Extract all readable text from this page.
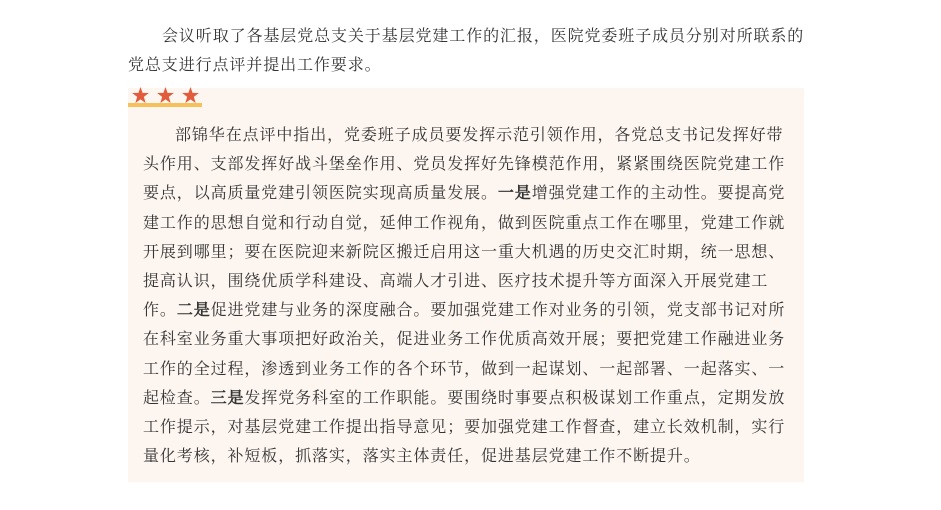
会议听取了各基层党总支关于基层党建工作的汇报，医院党委班子成员分别对所联系的党总支进行点评并提出工作要求。

部锦华在点评中指出，党委班子成员要发挥示范引领作用，各党总支书记发挥好带头作用、支部发挥好战斗堡垒作用、党员发挥好先锋模范作用，紧紧围绕医院党建工作要点，以高质量党建引领医院实现高质量发展。一是增强党建工作的主动性。要提高党建工作的思想自觉和行动自觉，延伸工作视角，做到医院重点工作在哪里，党建工作就开展到哪里；要在医院迎来新院区搬迁启用这一重大机遇的历史交汇时期，统一思想、提高认识，围绕优质学科建设、高端人才引进、医疗技术提升等方面深入开展党建工作。二是促进党建与业务的深度融合。要加强党建工作对业务的引领，党支部书记对所在科室业务重大事项把好政治关，促进业务工作优质高效开展；要把党建工作融进业务工作的全过程，渗透到业务工作的各个环节，做到一起谋划、一起部署、一起落实、一起检查。三是发挥党务科室的工作职能。要围绕时事要点积极谋划工作重点，定期发放工作提示，对基层党建工作提出指导意见；要加强党建工作督查，建立长效机制，实行量化考核，补短板，抓落实，落实主体责任，促进基层党建工作不断提升。
